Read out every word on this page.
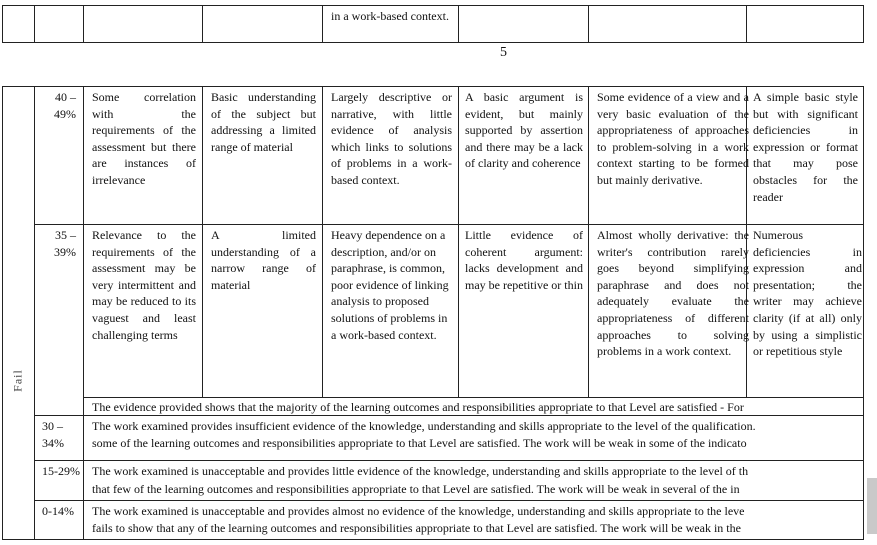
in a work-based context.
5
Fail
40 – 49%
Some correlation with the requirements of the assessment but there are instances of irrelevance
Basic understanding of the subject but addressing a limited range of material
Largely descriptive or narrative, with little evidence of analysis which links to solutions of problems in a work-based context.
A basic argument is evident, but mainly supported by assertion and there may be a lack of clarity and coherence
Some evidence of a view and a very basic evaluation of the appropriateness of approaches to problem-solving in a work context starting to be formed but mainly derivative.
A simple basic style but with significant deficiencies in expression or format that may pose obstacles for the reader
35 – 39%
Relevance to the requirements of the assessment may be very intermittent and may be reduced to its vaguest and least challenging terms
A limited understanding of a narrow range of material
Heavy dependence on a description, and/or on paraphrase, is common, poor evidence of linking analysis to proposed solutions of problems in a work-based context.
Little evidence of coherent argument: lacks development and may be repetitive or thin
Almost wholly derivative: the writer's contribution rarely goes beyond simplifying paraphrase and does not adequately evaluate the appropriateness of different approaches to solving problems in a work context.
Numerous deficiencies in expression and presentation; the writer may achieve clarity (if at all) only by using a simplistic or repetitious style
The evidence provided shows that the majority of the learning outcomes and responsibilities appropriate to that Level are satisfied - For
30 – 34%
The work examined provides insufficient evidence of the knowledge, understanding and skills appropriate to the level of the qualification.
some of the learning outcomes and responsibilities appropriate to that Level are satisfied. The work will be weak in some of the indicato
15-29% The work examined is unacceptable and provides little evidence of the knowledge, understanding and skills appropriate to the level of th
that few of the learning outcomes and responsibilities appropriate to that Level are satisfied. The work will be weak in several of the in
0-14%	The work examined is unacceptable and provides almost no evidence of the knowledge, understanding and skills appropriate to the leve
fails to show that any of the learning outcomes and responsibilities appropriate to that Level are satisfied. The work will be weak in the
